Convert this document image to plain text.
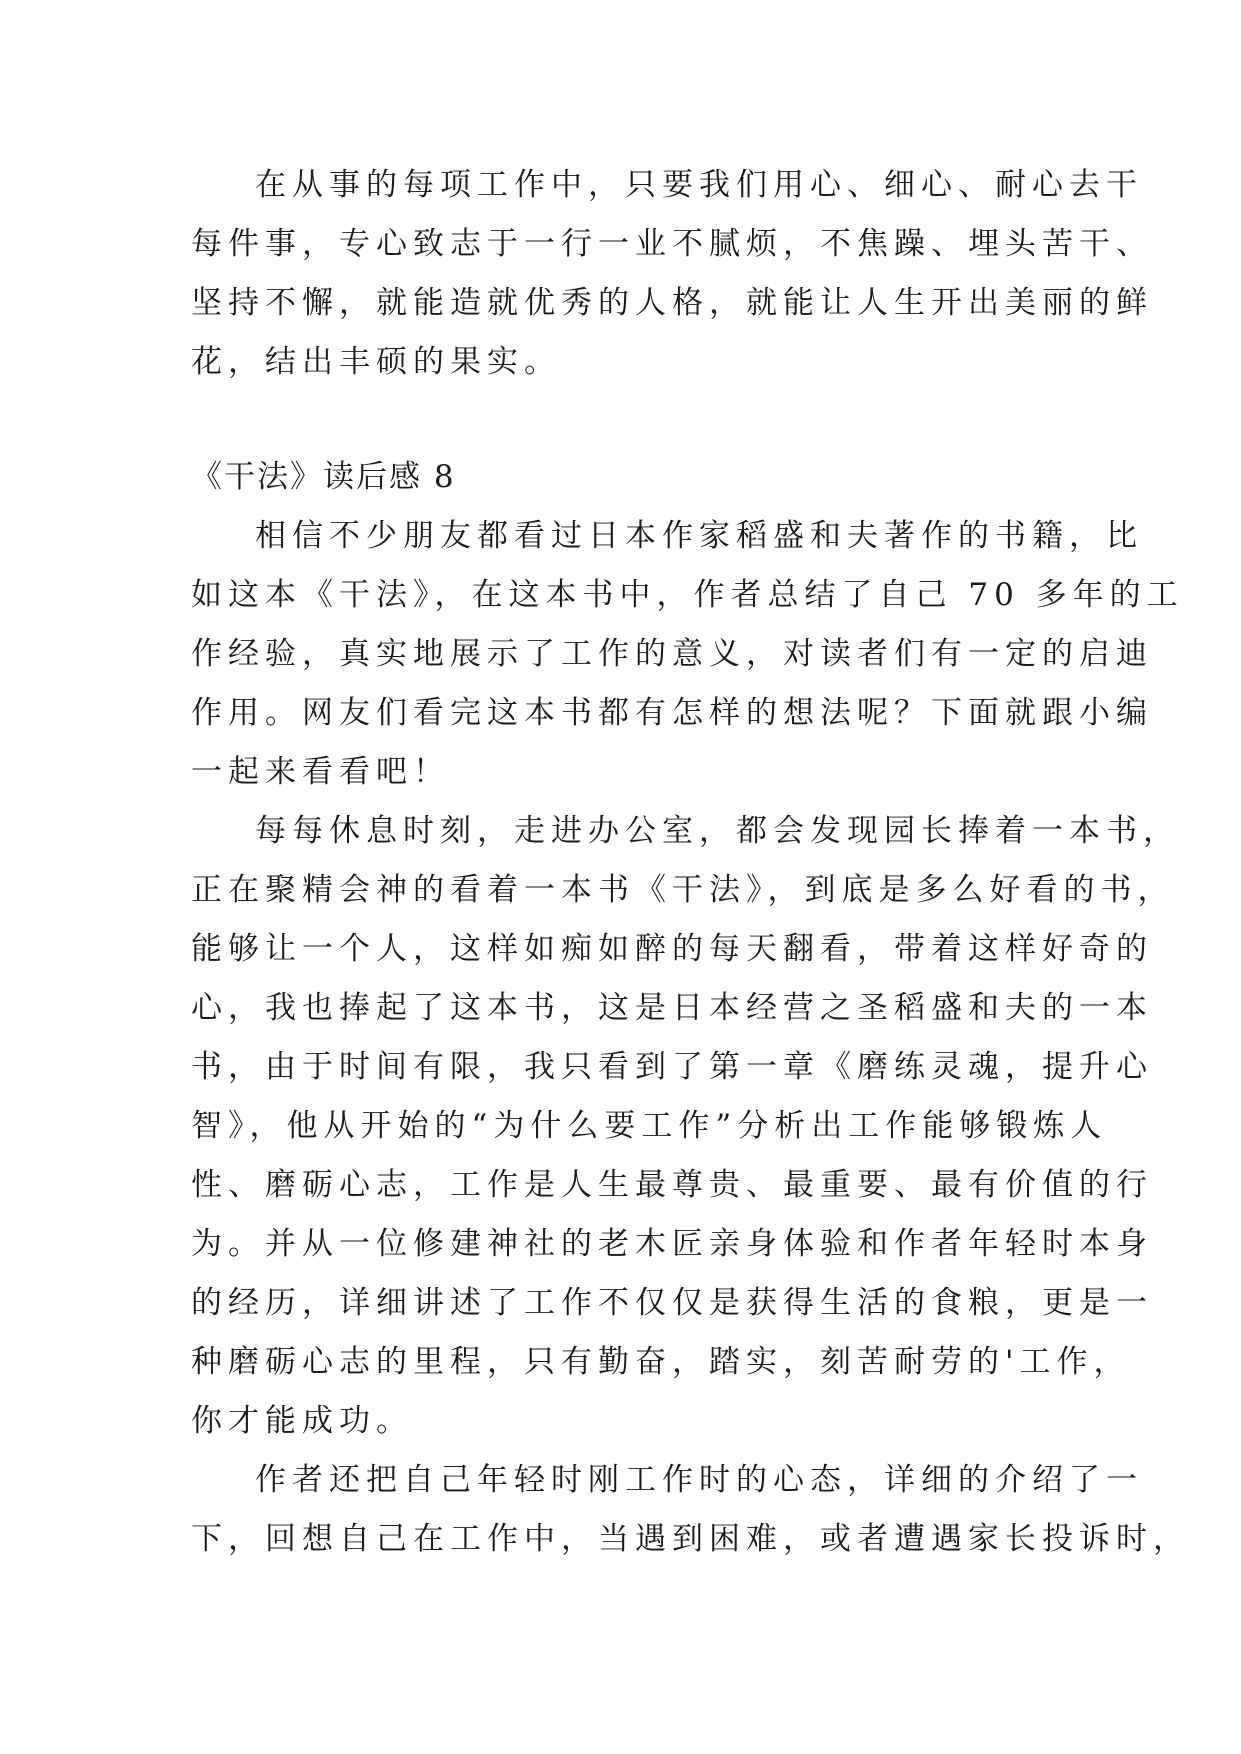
在从事的每项工作中，只要我们用心、细心、耐心去干
每件事，专心致志于一行一业不腻烦，不焦躁、埋头苦干、
坚持不懈，就能造就优秀的人格，就能让人生开出美丽的鲜
花，结出丰硕的果实。
《干法》读后感 8
相信不少朋友都看过日本作家稻盛和夫著作的书籍，比
如这本《干法》，在这本书中，作者总结了自己 70 多年的工
作经验，真实地展示了工作的意义，对读者们有一定的启迪
作用。网友们看完这本书都有怎样的想法呢？下面就跟小编
一起来看看吧！
每每休息时刻，走进办公室，都会发现园长捧着一本书，
正在聚精会神的看着一本书《干法》，到底是多么好看的书，
能够让一个人，这样如痴如醉的每天翻看，带着这样好奇的
心，我也捧起了这本书，这是日本经营之圣稻盛和夫的一本
书，由于时间有限，我只看到了第一章《磨练灵魂，提升心
智》，他从开始的“为什么要工作”分析出工作能够锻炼人
性、磨砺心志，工作是人生最尊贵、最重要、最有价值的行
为。并从一位修建神社的老木匠亲身体验和作者年轻时本身
的经历，详细讲述了工作不仅仅是获得生活的食粮，更是一
种磨砺心志的里程，只有勤奋，踏实，刻苦耐劳的'工作，
你才能成功。
作者还把自己年轻时刚工作时的心态，详细的介绍了一
下，回想自己在工作中，当遇到困难，或者遭遇家长投诉时，
